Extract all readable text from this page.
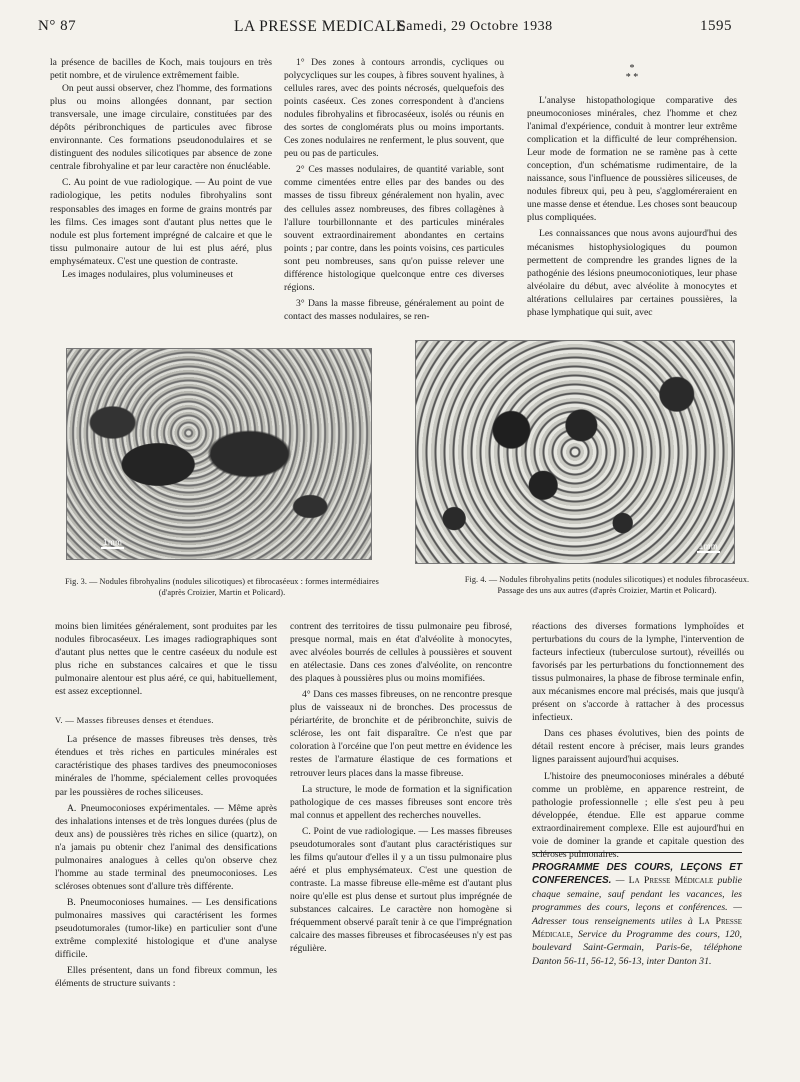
N° 87	LA PRESSE MEDICALE
Samedi, 29 Octobre 1938	1595

la présence de bacilles de Koch, mais toujours en très petit nombre, et de virulence extrêmement faible.

On peut aussi observer, chez l'homme, des formations plus ou moins allongées donnant, par section transversale, une image circulaire, constituées par des dépôts péribronchiques de particules avec fibrose environnante. Ces formations pseudonodulaires et se distinguent des nodules silicotiques par absence de zone centrale fibrohyaline et par leur caractère non énucléable.

C. Au point de vue radiologique. — Au point de vue radiologique, les petits nodules fibrohyalins sont responsables des images en forme de grains montrés par les films. Ces images sont d'autant plus nettes que le nodule est plus fortement imprégné de calcaire et que le tissu pulmonaire autour de lui est plus aéré, plus emphysémateux. C'est une question de contraste.

Les images nodulaires, plus volumineuses et

1° Des zones à contours arrondis, cycliques ou polycycliques sur les coupes, à fibres souvent hyalines, à cellules rares, avec des points nécrosés, quelquefois des points caséeux. Ces zones correspondent à d'anciens nodules fibrohyalins et fibrocaséeux, isolés ou réunis en des sortes de conglomérats plus ou moins importants. Ces zones nodulaires ne renferment, le plus souvent, que peu ou pas de particules.

2° Ces masses nodulaires, de quantité variable, sont comme cimentées entre elles par des bandes ou des masses de tissu fibreux généralement non hyalin, avec des cellules assez nombreuses, des fibres collagènes à l'allure tourbillonnante et des particules minérales souvent extraordinairement abondantes en certains points ; par contre, dans les points voisins, ces particules sont peu nombreuses, sans qu'on puisse relever une différence histologique quelconque entre ces diverses régions.

3° Dans la masse fibreuse, généralement au point de contact des masses nodulaires, se ren-

*
* *

L'analyse histopathologique comparative des pneumoconioses minérales, chez l'homme et chez l'animal d'expérience, conduit à montrer leur extrême complication et la difficulté de leur compréhension. Leur mode de formation ne se ramène pas à cette conception, d'un schématisme rudimentaire, de la naissance, sous l'influence de poussières siliceuses, de nodules fibreux qui, peu à peu, s'aggloméreraient en une masse dense et étendue. Les choses sont beaucoup plus compliquées.

Les connaissances que nous avons aujourd'hui des mécanismes histophysiologiques du poumon permettent de comprendre les grandes lignes de la pathogénie des lésions pneumoconiotiques, leur phase alvéolaire du début, avec alvéolite à monocytes et altérations cellulaires par certaines poussières, la phase lymphatique qui suit, avec

1mm
Fig. 3. — Nodules fibrohyalins (nodules silicotiques) et fibrocaséeux : formes intermédiaires (d'après Croizier, Martin et Policard).
1mm
Fig. 4. — Nodules fibrohyalins petits (nodules silicotiques) et nodules fibrocaséeux. Passage des uns aux autres (d'après Croizier, Martin et Policard).

moins bien limitées généralement, sont produites par les nodules fibrocaséeux. Les images radiographiques sont d'autant plus nettes que le centre caséeux du nodule est plus riche en substances calcaires et que le tissu pulmonaire alentour est plus aéré, ce qui, habituellement, est assez exceptionnel.

V. — Masses fibreuses denses et étendues.

La présence de masses fibreuses très denses, très étendues et très riches en particules minérales est caractéristique des phases tardives des pneumoconioses minérales de l'homme, spécialement celles provoquées par les poussières de roches siliceuses.

A. Pneumoconioses expérimentales. — Même après des inhalations intenses et de très longues durées (plus de deux ans) de poussières très riches en silice (quartz), on n'a jamais pu obtenir chez l'animal des densifications pulmonaires analogues à celles qu'on observe chez l'homme au stade terminal des pneumoconioses. Les scléroses obtenues sont d'allure très différente.

B. Pneumoconioses humaines. — Les densifications pulmonaires massives qui caractérisent les formes pseudotumorales (tumor-like) en particulier sont d'une extrême complexité histologique et d'une analyse difficile.

Elles présentent, dans un fond fibreux commun, les éléments de structure suivants :

contrent des territoires de tissu pulmonaire peu fibrosé, presque normal, mais en état d'alvéolite à monocytes, avec alvéoles bourrés de cellules à poussières et souvent en atélectasie. Dans ces zones d'alvéolite, on rencontre des plaques à poussières plus ou moins momifiées.

4° Dans ces masses fibreuses, on ne rencontre presque plus de vaisseaux ni de bronches. Des processus de périartérite, de bronchite et de péribronchite, suivis de sclérose, les ont fait disparaître. Ce n'est que par coloration à l'orcéine que l'on peut mettre en évidence les restes de l'armature élastique de ces formations et retrouver leurs places dans la masse fibreuse.

La structure, le mode de formation et la signification pathologique de ces masses fibreuses sont encore très mal connus et appellent des recherches nouvelles.

C. Point de vue radiologique. — Les masses fibreuses pseudotumorales sont d'autant plus caractéristiques sur les films qu'autour d'elles il y a un tissu pulmonaire plus aéré et plus emphysémateux. C'est une question de contraste. La masse fibreuse elle-même est d'autant plus noire qu'elle est plus dense et surtout plus imprégnée de substances calcaires. Le caractère non homogène si fréquemment observé paraît tenir à ce que l'imprégnation calcaire des masses fibreuses et fibrocaséeuses n'y est pas régulière.

réactions des diverses formations lymphoïdes et perturbations du cours de la lymphe, l'intervention de facteurs infectieux (tuberculose surtout), réveillés ou favorisés par les perturbations du fonctionnement des tissus pulmonaires, la phase de fibrose terminale enfin, aux mécanismes encore mal précisés, mais que jusqu'à présent on s'accorde à rattacher à des processus infectieux.

Dans ces phases évolutives, bien des points de détail restent encore à préciser, mais leurs grandes lignes paraissent aujourd'hui acquises.

L'histoire des pneumoconioses minérales a débuté comme un problème, en apparence restreint, de pathologie professionnelle ; elle s'est peu à peu développée, étendue. Elle est apparue comme extraordinairement complexe. Elle est aujourd'hui en voie de dominer la grande et capitale question des scléroses pulmonaires.

PROGRAMME DES COURS, LEÇONS ET CONFERENCES. — La Presse Médicale publie chaque semaine, sauf pendant les vacances, les programmes des cours, leçons et conférences. — Adresser tous renseignements utiles à La Presse Médicale, Service du Programme des cours, 120, boulevard Saint-Germain, Paris-6e, téléphone Danton 56-11, 56-12, 56-13, inter Danton 31.
